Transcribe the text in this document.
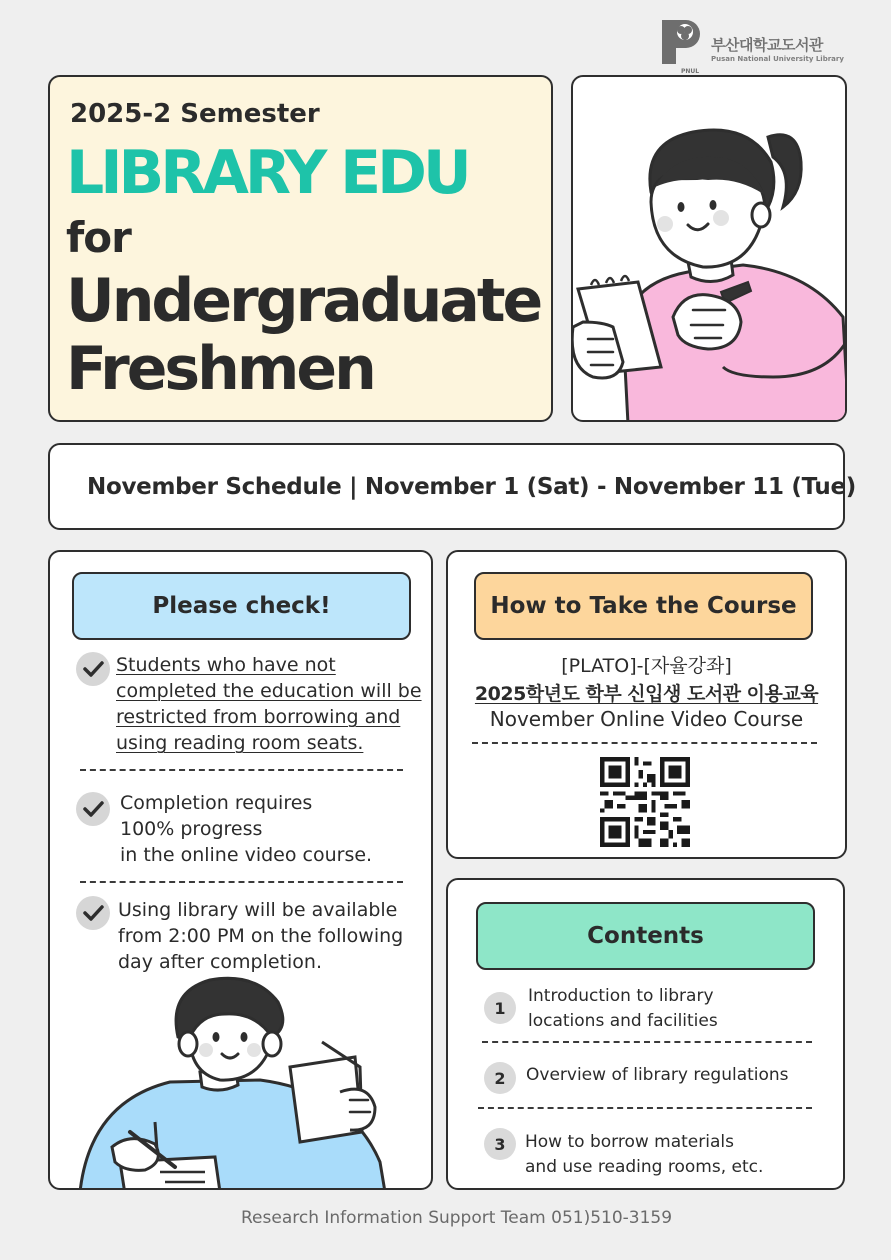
PNUL
부산대학교도서관
Pusan National University Library
2025-2 Semester
LIBRARY EDU
for
Undergraduate
Freshmen
November Schedule | November 1 (Sat) - November 11 (Tue)
Please check!
Students who have not
completed the education will be
restricted from borrowing and
using reading room seats.
Completion requires
100% progress
in the online video course.
Using library will be available
from 2:00 PM on the following
day after completion.
How to Take the Course
[PLATO]-[자율강좌]
2025학년도 학부 신입생 도서관 이용교육
November Online Video Course
Contents
1
Introduction to library
locations and facilities
2	Overview of library regulations
3	How to borrow materials
and use reading rooms, etc.
Research Information Support Team 051)510-3159
